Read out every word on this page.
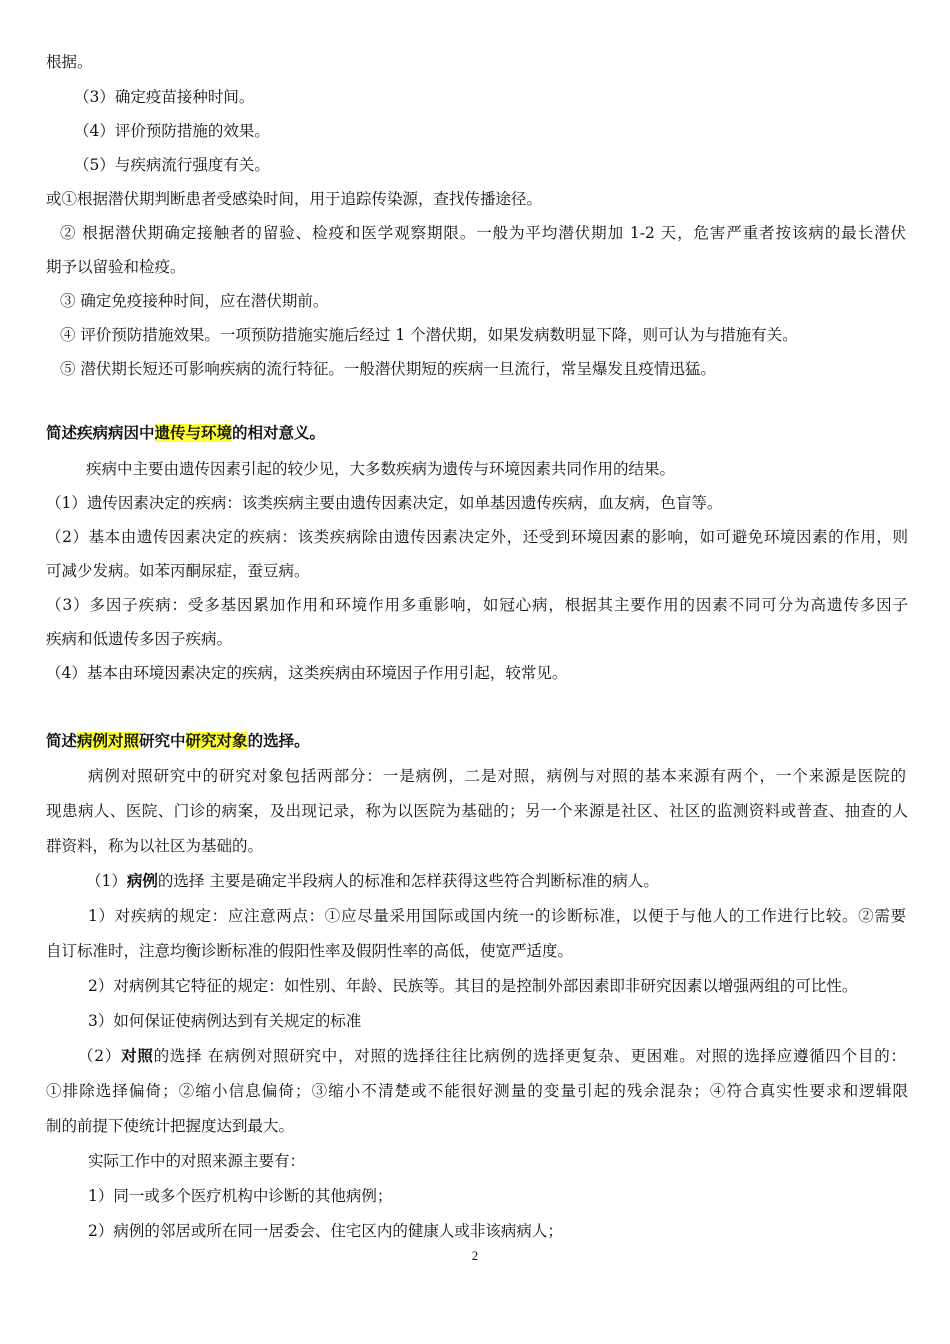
根据。
（3）确定疫苗接种时间。
（4）评价预防措施的效果。
（5）与疾病流行强度有关。
或①根据潜伏期判断患者受感染时间，用于追踪传染源，查找传播途径。
② 根据潜伏期确定接触者的留验、检疫和医学观察期限。一般为平均潜伏期加 1-2 天，危害严重者按该病的最长潜伏
期予以留验和检疫。
③ 确定免疫接种时间，应在潜伏期前。
④ 评价预防措施效果。一项预防措施实施后经过 1 个潜伏期，如果发病数明显下降，则可认为与措施有关。
⑤ 潜伏期长短还可影响疾病的流行特征。一般潜伏期短的疾病一旦流行，常呈爆发且疫情迅猛。
简述疾病病因中遗传与环境的相对意义。
疾病中主要由遗传因素引起的较少见，大多数疾病为遗传与环境因素共同作用的结果。
（1）遗传因素决定的疾病：该类疾病主要由遗传因素决定，如单基因遗传疾病，血友病，色盲等。
（2）基本由遗传因素决定的疾病：该类疾病除由遗传因素决定外，还受到环境因素的影响，如可避免环境因素的作用，则
可减少发病。如苯丙酮尿症，蚕豆病。
（3）多因子疾病：受多基因累加作用和环境作用多重影响，如冠心病，根据其主要作用的因素不同可分为高遗传多因子
疾病和低遗传多因子疾病。
（4）基本由环境因素决定的疾病，这类疾病由环境因子作用引起，较常见。
简述病例对照研究中研究对象的选择。
病例对照研究中的研究对象包括两部分：一是病例，二是对照，病例与对照的基本来源有两个，一个来源是医院的
现患病人、医院、门诊的病案，及出现记录，称为以医院为基础的；另一个来源是社区、社区的监测资料或普查、抽查的人
群资料，称为以社区为基础的。
（1）病例的选择 主要是确定半段病人的标准和怎样获得这些符合判断标准的病人。
1）对疾病的规定：应注意两点：①应尽量采用国际或国内统一的诊断标准，以便于与他人的工作进行比较。②需要
自订标准时，注意均衡诊断标准的假阳性率及假阴性率的高低，使宽严适度。
2）对病例其它特征的规定：如性别、年龄、民族等。其目的是控制外部因素即非研究因素以增强两组的可比性。
3）如何保证使病例达到有关规定的标准
（2）对照的选择 在病例对照研究中，对照的选择往往比病例的选择更复杂、更困难。对照的选择应遵循四个目的：
①排除选择偏倚；②缩小信息偏倚；③缩小不清楚或不能很好测量的变量引起的残余混杂；④符合真实性要求和逻辑限
制的前提下使统计把握度达到最大。
实际工作中的对照来源主要有：
1）同一或多个医疗机构中诊断的其他病例；
2）病例的邻居或所在同一居委会、住宅区内的健康人或非该病病人；
2
